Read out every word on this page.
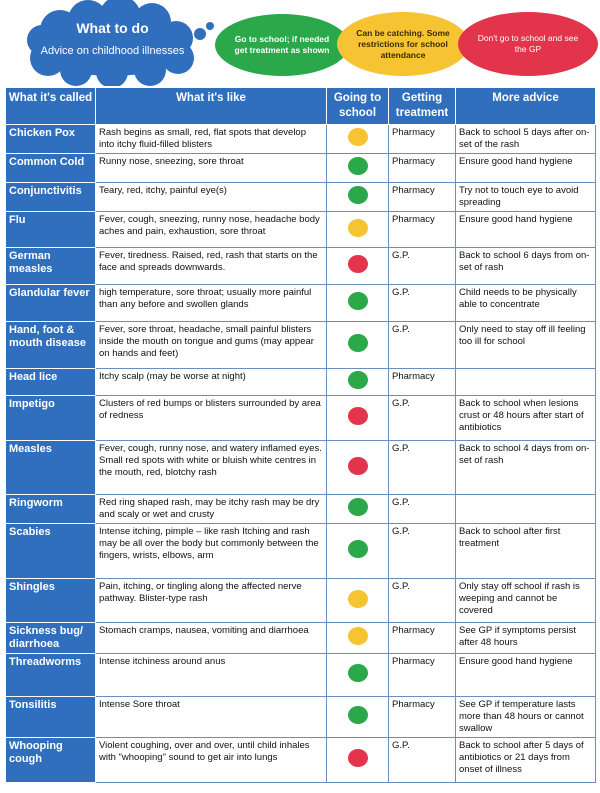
What to do
Advice on childhood illnesses
Go to school; if needed get treatment as shown
Can be catching. Some restrictions for school attendance
Don't go to school and see the GP
What it's called	What it's like	Going to school	Getting treatment	More advice
Chicken Pox	Rash begins as small, red, flat spots that develop into itchy fluid-filled blisters		Pharmacy	Back to school 5 days after on-set of the rash
Common Cold	Runny nose, sneezing, sore throat		Pharmacy	Ensure good hand hygiene
Conjunctivitis	Teary, red, itchy, painful eye(s)		Pharmacy	Try not to touch eye to avoid spreading
Flu	Fever, cough, sneezing, runny nose, headache body aches and pain, exhaustion, sore throat		Pharmacy	Ensure good hand hygiene
German measles	Fever, tiredness. Raised, red, rash that starts on the face and spreads downwards.		G.P.	Back to school 6 days from on-set of rash
Glandular fever	high temperature, sore throat; usually more painful than any before and swollen glands		G.P.	Child needs to be physically able to concentrate
Hand, foot & mouth disease	Fever, sore throat, headache, small painful blisters inside the mouth on tongue and gums (may appear on hands and feet)		G.P.	Only need to stay off ill feeling too ill for school
Head lice	Itchy scalp (may be worse at night)		Pharmacy	
Impetigo	Clusters of red bumps or blisters surrounded by area of redness		G.P.	Back to school when lesions crust or 48 hours after start of antibiotics
Measles	Fever, cough, runny nose, and watery inflamed eyes. Small red spots with white or bluish white centres in the mouth, red, blotchy rash		G.P.	Back to school 4 days from on-set of rash
Ringworm	Red ring shaped rash, may be itchy rash may be dry and scaly or wet and crusty		G.P.	
Scabies	Intense itching, pimple – like rash Itching and rash may be all over the body but commonly between the fingers, wrists, elbows, arm		G.P.	Back to school after first treatment
Shingles	Pain, itching, or tingling along the affected nerve pathway. Blister-type rash		G.P.	Only stay off school if rash is weeping and cannot be covered
Sickness bug/ diarrhoea	Stomach cramps, nausea, vomiting and diarrhoea		Pharmacy	See GP if symptoms persist after 48 hours
Threadworms	Intense itchiness around anus		Pharmacy	Ensure good hand hygiene
Tonsilitis	Intense Sore throat		Pharmacy	See GP if temperature lasts more than 48 hours or cannot swallow
Whooping cough	Violent coughing, over and over, until child inhales with "whooping" sound to get air into lungs		G.P.	Back to school after 5 days of antibiotics or 21 days from onset of illness
